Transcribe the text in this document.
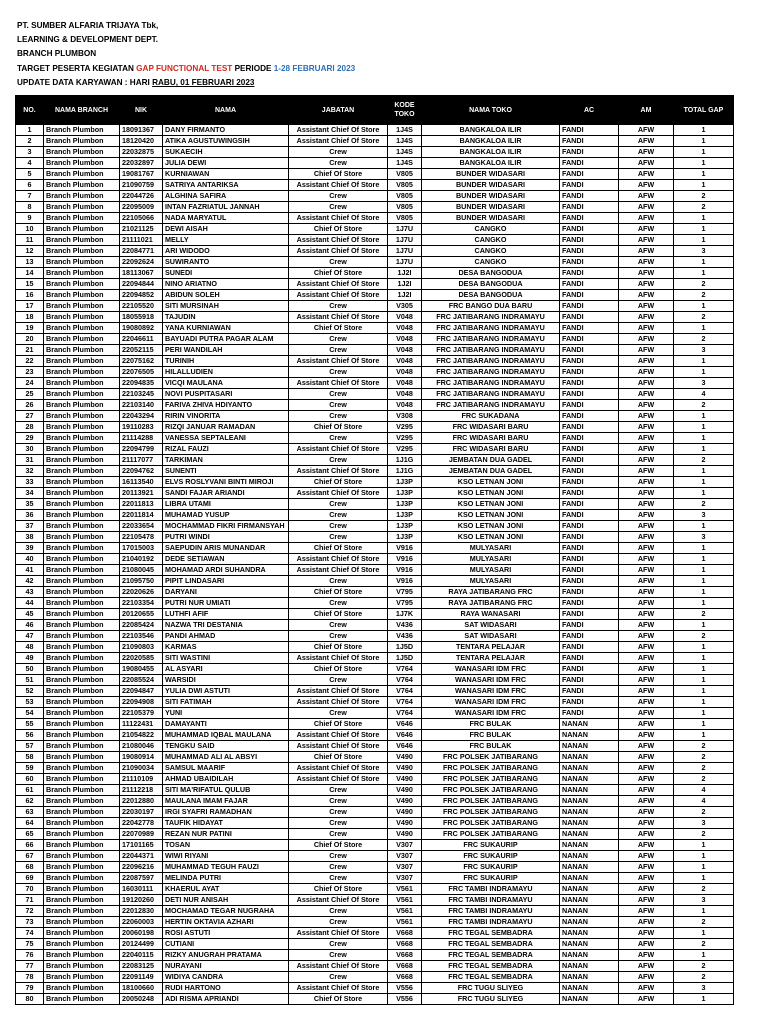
PT. SUMBER ALFARIA TRIJAYA Tbk,
LEARNING & DEVELOPMENT DEPT.
BRANCH PLUMBON
TARGET PESERTA KEGIATAN GAP FUNCTIONAL TEST PERIODE 1-28 FEBRUARI 2023
UPDATE DATA KARYAWAN : HARI RABU, 01 FEBRUARI 2023
NO.	NAMA BRANCH	NIK	NAMA	JABATAN	KODE TOKO	NAMA TOKO	AC	AM	TOTAL GAP
1	Branch Plumbon	18091367	DANY FIRMANTO	Assistant Chief Of Store	1J4S	BANGKALOA ILIR	FANDI	AFW	1
2	Branch Plumbon	18120420	ATIKA AGUSTUWINGSIH	Assistant Chief Of Store	1J4S	BANGKALOA ILIR	FANDI	AFW	1
3	Branch Plumbon	22032875	SUKAECIH	Crew	1J4S	BANGKALOA ILIR	FANDI	AFW	1
4	Branch Plumbon	22032897	JULIA DEWI	Crew	1J4S	BANGKALOA ILIR	FANDI	AFW	1
5	Branch Plumbon	19081767	KURNIAWAN	Chief Of Store	V805	BUNDER WIDASARI	FANDI	AFW	1
6	Branch Plumbon	21090759	SATRIYA ANTARIKSA	Assistant Chief Of Store	V805	BUNDER WIDASARI	FANDI	AFW	1
7	Branch Plumbon	22044726	ALGHINA SAFIRA	Crew	V805	BUNDER WIDASARI	FANDI	AFW	2
8	Branch Plumbon	22095009	INTAN FAZRIATUL JANNAH	Crew	V805	BUNDER WIDASARI	FANDI	AFW	2
9	Branch Plumbon	22105066	NADA MARYATUL	Assistant Chief Of Store	V805	BUNDER WIDASARI	FANDI	AFW	1
10	Branch Plumbon	21021125	DEWI AISAH	Chief Of Store	1J7U	CANGKO	FANDI	AFW	1
11	Branch Plumbon	21111021	MELLY	Assistant Chief Of Store	1J7U	CANGKO	FANDI	AFW	1
12	Branch Plumbon	22084771	ARI WIDODO	Assistant Chief Of Store	1J7U	CANGKO	FANDI	AFW	3
13	Branch Plumbon	22092624	SUWIRANTO	Crew	1J7U	CANGKO	FANDI	AFW	1
14	Branch Plumbon	18113067	SUNEDI	Chief Of Store	1J2I	DESA BANGODUA	FANDI	AFW	1
15	Branch Plumbon	22094844	NINO ARIATNO	Assistant Chief Of Store	1J2I	DESA BANGODUA	FANDI	AFW	2
16	Branch Plumbon	22094852	ABIDUN SOLEH	Assistant Chief Of Store	1J2I	DESA BANGODUA	FANDI	AFW	2
17	Branch Plumbon	22105520	SITI MURSINAH	Crew	V305	FRC BANGO DUA BARU	FANDI	AFW	1
18	Branch Plumbon	18055918	TAJUDIN	Assistant Chief Of Store	V048	FRC JATIBARANG INDRAMAYU	FANDI	AFW	2
19	Branch Plumbon	19080892	YANA KURNIAWAN	Chief Of Store	V048	FRC JATIBARANG INDRAMAYU	FANDI	AFW	1
20	Branch Plumbon	22046611	BAYUADI PUTRA PAGAR ALAM	Crew	V048	FRC JATIBARANG INDRAMAYU	FANDI	AFW	2
21	Branch Plumbon	22052115	PERI WANDILAH	Crew	V048	FRC JATIBARANG INDRAMAYU	FANDI	AFW	3
22	Branch Plumbon	22075162	TURINIH	Assistant Chief Of Store	V048	FRC JATIBARANG INDRAMAYU	FANDI	AFW	1
23	Branch Plumbon	22076505	HILALLUDIEN	Crew	V048	FRC JATIBARANG INDRAMAYU	FANDI	AFW	1
24	Branch Plumbon	22094835	VICQI MAULANA	Assistant Chief Of Store	V048	FRC JATIBARANG INDRAMAYU	FANDI	AFW	3
25	Branch Plumbon	22103245	NOVI PUSPITASARI	Crew	V048	FRC JATIBARANG INDRAMAYU	FANDI	AFW	4
26	Branch Plumbon	22103140	FARIVA ZHIVA HDIYANTO	Crew	V048	FRC JATIBARANG INDRAMAYU	FANDI	AFW	2
27	Branch Plumbon	22043294	RIRIN VINORITA	Crew	V308	FRC SUKADANA	FANDI	AFW	1
28	Branch Plumbon	19110283	RIZQI JANUAR RAMADAN	Chief Of Store	V295	FRC WIDASARI BARU	FANDI	AFW	1
29	Branch Plumbon	21114288	VANESSA SEPTALEANI	Crew	V295	FRC WIDASARI BARU	FANDI	AFW	1
30	Branch Plumbon	22094799	RIZAL FAUZI	Assistant Chief Of Store	V295	FRC WIDASARI BARU	FANDI	AFW	1
31	Branch Plumbon	21117077	TARKIMAN	Crew	1J1G	JEMBATAN DUA GADEL	FANDI	AFW	2
32	Branch Plumbon	22094762	SUNENTI	Assistant Chief Of Store	1J1G	JEMBATAN DUA GADEL	FANDI	AFW	1
33	Branch Plumbon	16113540	ELVS ROSLYVANI BINTI MIROJI	Chief Of Store	1J3P	KSO LETNAN JONI	FANDI	AFW	1
34	Branch Plumbon	20113921	SANDI FAJAR ARIANDI	Assistant Chief Of Store	1J3P	KSO LETNAN JONI	FANDI	AFW	1
35	Branch Plumbon	22011813	LIBRA UTAMI	Crew	1J3P	KSO LETNAN JONI	FANDI	AFW	2
36	Branch Plumbon	22011814	MUHAMAD YUSUP	Crew	1J3P	KSO LETNAN JONI	FANDI	AFW	3
37	Branch Plumbon	22033654	MOCHAMMAD FIKRI FIRMANSYAH	Crew	1J3P	KSO LETNAN JONI	FANDI	AFW	1
38	Branch Plumbon	22105478	PUTRI WINDI	Crew	1J3P	KSO LETNAN JONI	FANDI	AFW	3
39	Branch Plumbon	17015003	SAEPUDIN ARIS MUNANDAR	Chief Of Store	V916	MULYASARI	FANDI	AFW	1
40	Branch Plumbon	21040192	DEDE SETIAWAN	Assistant Chief Of Store	V916	MULYASARI	FANDI	AFW	1
41	Branch Plumbon	21080045	MOHAMAD ARDI SUHANDRA	Assistant Chief Of Store	V916	MULYASARI	FANDI	AFW	1
42	Branch Plumbon	21095750	PIPIT LINDASARI	Crew	V916	MULYASARI	FANDI	AFW	1
43	Branch Plumbon	22020626	DARYANI	Chief Of Store	V795	RAYA JATIBARANG FRC	FANDI	AFW	1
44	Branch Plumbon	22103354	PUTRI NUR UMIATI	Crew	V795	RAYA JATIBARANG FRC	FANDI	AFW	1
45	Branch Plumbon	20120655	LUTHFI AFIF	Chief Of Store	1J7K	RAYA WANASARI	FANDI	AFW	2
46	Branch Plumbon	22085424	NAZWA TRI DESTANIA	Crew	V436	SAT WIDASARI	FANDI	AFW	1
47	Branch Plumbon	22103546	PANDI AHMAD	Crew	V436	SAT WIDASARI	FANDI	AFW	2
48	Branch Plumbon	21090803	KARMAS	Chief Of Store	1J5D	TENTARA PELAJAR	FANDI	AFW	1
49	Branch Plumbon	22020585	SITI WASTINI	Assistant Chief Of Store	1J5D	TENTARA PELAJAR	FANDI	AFW	1
50	Branch Plumbon	19080455	AL ASYARI	Chief Of Store	V764	WANASARI IDM FRC	FANDI	AFW	1
51	Branch Plumbon	22085524	WARSIDI	Crew	V764	WANASARI IDM FRC	FANDI	AFW	1
52	Branch Plumbon	22094847	YULIA DWI ASTUTI	Assistant Chief Of Store	V764	WANASARI IDM FRC	FANDI	AFW	1
53	Branch Plumbon	22094908	SITI FATIMAH	Assistant Chief Of Store	V764	WANASARI IDM FRC	FANDI	AFW	1
54	Branch Plumbon	22105379	YUNI	Crew	V764	WANASARI IDM FRC	FANDI	AFW	1
55	Branch Plumbon	11122431	DAMAYANTI	Chief Of Store	V646	FRC BULAK	NANAN	AFW	1
56	Branch Plumbon	21054822	MUHAMMAD IQBAL MAULANA	Assistant Chief Of Store	V646	FRC BULAK	NANAN	AFW	1
57	Branch Plumbon	21080046	TENGKU SAID	Assistant Chief Of Store	V646	FRC BULAK	NANAN	AFW	2
58	Branch Plumbon	19080914	MUHAMMAD ALI AL ABSYI	Chief Of Store	V490	FRC POLSEK JATIBARANG	NANAN	AFW	2
59	Branch Plumbon	21090034	SAMSUL MAARIF	Assistant Chief Of Store	V490	FRC POLSEK JATIBARANG	NANAN	AFW	2
60	Branch Plumbon	21110109	AHMAD UBAIDILAH	Assistant Chief Of Store	V490	FRC POLSEK JATIBARANG	NANAN	AFW	2
61	Branch Plumbon	21112218	SITI MA'RIFATUL QULUB	Crew	V490	FRC POLSEK JATIBARANG	NANAN	AFW	4
62	Branch Plumbon	22012880	MAULANA IMAM FAJAR	Crew	V490	FRC POLSEK JATIBARANG	NANAN	AFW	4
63	Branch Plumbon	22030197	IRGI SYAFRI RAMADHAN	Crew	V490	FRC POLSEK JATIBARANG	NANAN	AFW	2
64	Branch Plumbon	22042778	TAUFIK HIDAYAT	Crew	V490	FRC POLSEK JATIBARANG	NANAN	AFW	3
65	Branch Plumbon	22070989	REZAN NUR PATINI	Crew	V490	FRC POLSEK JATIBARANG	NANAN	AFW	2
66	Branch Plumbon	17101165	TOSAN	Chief Of Store	V307	FRC SUKAURIP	NANAN	AFW	1
67	Branch Plumbon	22044371	WIWI RIYANI	Crew	V307	FRC SUKAURIP	NANAN	AFW	1
68	Branch Plumbon	22096216	MUHAMMAD TEGUH FAUZI	Crew	V307	FRC SUKAURIP	NANAN	AFW	1
69	Branch Plumbon	22087597	MELINDA PUTRI	Crew	V307	FRC SUKAURIP	NANAN	AFW	1
70	Branch Plumbon	16030111	KHAERUL AYAT	Chief Of Store	V561	FRC TAMBI INDRAMAYU	NANAN	AFW	2
71	Branch Plumbon	19120260	DETI NUR ANISAH	Assistant Chief Of Store	V561	FRC TAMBI INDRAMAYU	NANAN	AFW	3
72	Branch Plumbon	22012830	MOCHAMAD TEGAR NUGRAHA	Crew	V561	FRC TAMBI INDRAMAYU	NANAN	AFW	1
73	Branch Plumbon	22060003	HERTIN OKTAVIA AZHARI	Crew	V561	FRC TAMBI INDRAMAYU	NANAN	AFW	2
74	Branch Plumbon	20060198	ROSI ASTUTI	Assistant Chief Of Store	V668	FRC TEGAL SEMBADRA	NANAN	AFW	1
75	Branch Plumbon	20124499	CUTIANI	Crew	V668	FRC TEGAL SEMBADRA	NANAN	AFW	2
76	Branch Plumbon	22040115	RIZKY ANUGRAH PRATAMA	Crew	V668	FRC TEGAL SEMBADRA	NANAN	AFW	1
77	Branch Plumbon	22083125	NURAYANI	Assistant Chief Of Store	V668	FRC TEGAL SEMBADRA	NANAN	AFW	2
78	Branch Plumbon	22091149	WIDIYA CANDRA	Crew	V668	FRC TEGAL SEMBADRA	NANAN	AFW	2
79	Branch Plumbon	18100660	RUDI HARTONO	Assistant Chief Of Store	V556	FRC TUGU SLIYEG	NANAN	AFW	3
80	Branch Plumbon	20050248	ADI RISMA APRIANDI	Chief Of Store	V556	FRC TUGU SLIYEG	NANAN	AFW	1
